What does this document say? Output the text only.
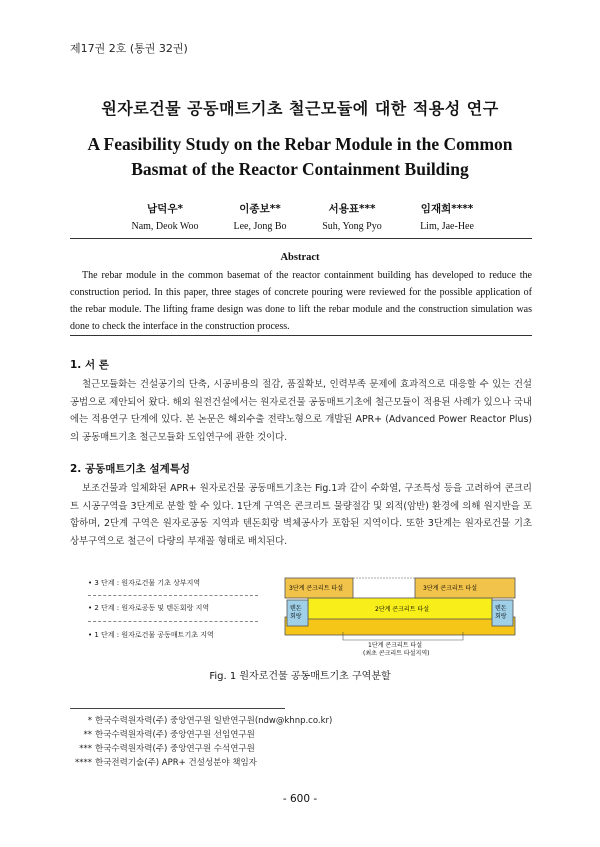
제17권 2호 (통권 32권)
원자로건물 공동매트기초 철근모듈에 대한 적용성 연구
A Feasibility Study on the Rebar Module in the Common
Basmat of the Reactor Containment Building
남덕우*
Nam, Deok Woo
이종보**
Lee, Jong Bo
서용표***
Suh, Yong Pyo
임재희****
Lim, Jae-Hee
Abstract
The rebar module in the common basemat of the reactor containment building has developed to reduce the construction period. In this paper, three stages of concrete pouring were reviewed for the possible application of the rebar module. The lifting frame design was done to lift the rebar module and the construction simulation was done to check the interface in the construction process.
1. 서 론
철근모듈화는 건설공기의 단축, 시공비용의 절감, 품질확보, 인력부족 문제에 효과적으로 대응할 수 있는 건설공법으로 제안되어 왔다. 해외 원전건설에서는 원자로건물 공동매트기초에 철근모듈이 적용된 사례가 있으나 국내에는 적용연구 단계에 있다. 본 논문은 해외수출 전략노형으로 개발된 APR+ (Advanced Power Reactor Plus)의 공동매트기초 철근모듈화 도입연구에 관한 것이다.
2. 공동매트기초 설계특성
보조건물과 일체화된 APR+ 원자로건물 공동매트기초는 Fig.1과 같이 수화열, 구조특성 등을 고려하여 콘크리트 시공구역을 3단계로 분할 할 수 있다. 1단계 구역은 콘크리트 물량절감 및 외적(암반) 환경에 의해 원지반을 포함하며, 2단계 구역은 원자로공동 지역과 텐돈회랑 벽체공사가 포함된 지역이다. 또한 3단계는 원자로건물 기초 상부구역으로 철근이 다량의 부재꼴 형태로 배치된다.
• 3 단계 : 원자로건물 기초 상부지역
• 2 단계 : 원자로공동 및 텐돈회랑 지역
• 1 단계 : 원자로건물 공동매트기초 지역
3단계 콘크리트 타설	3단계 콘크리트 타설
2단계 콘크리트 타설
텐돈
회랑
텐돈
회랑
1단계 콘크리트 타설
(최초 콘크리트 타설지역)
Fig. 1 원자로건물 공동매트기초 구역분할
* 한국수력원자력(주) 중앙연구원 일반연구원(ndw@khnp.co.kr)
** 한국수력원자력(주) 중앙연구원 선임연구원
*** 한국수력원자력(주) 중앙연구원 수석연구원
**** 한국전력기술(주) APR+ 건설성분야 책임자
- 600 -
